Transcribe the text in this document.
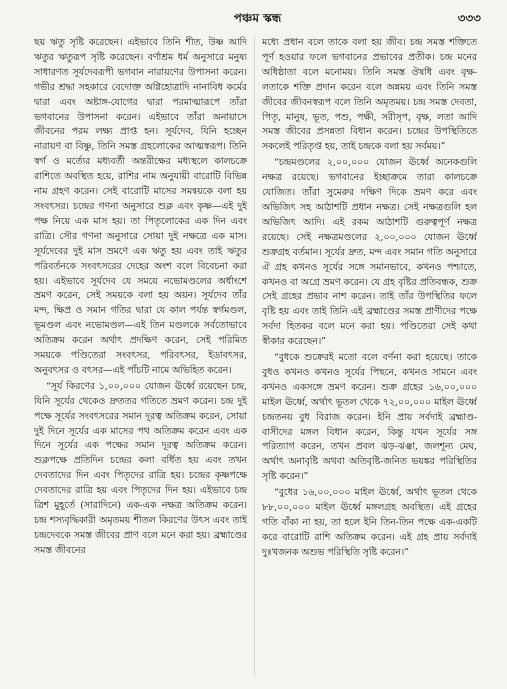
পঞ্চম স্কন্ধ	৩৩৩

ছয় ঋতু সৃষ্টি করেছেন। এইভাবে তিনি শীত, উষ্ণ আদি ঋতুর ঋতুরূপ সৃষ্টি করেছেন। বর্ণাশ্রম ধর্ম অনুসারে মনুষ্য সাধারণত সূর্যদেবরূপী ভগবান নারায়ণের উপাসনা করেন। গভীর শ্রদ্ধা সহকারে বেদোক্ত অগ্নিহোত্রাদি নানাবিধ কর্মের দ্বারা এবং অষ্টাঙ্গ-যোগের দ্বারা পরমাত্মারূপে তাঁরা ভগবানের উপাসনা করেন। এইভাবে তাঁরা অনায়াসে জীবনের পরম লক্ষ্য প্রাপ্ত হন। সূর্যদেব, যিনি হচ্ছেন নারায়ণ বা বিষ্ণু, তিনি সমস্ত গ্রহলোকের আত্মস্বরূপ। তিনি স্বর্গ ও মর্ত্যের মধ্যবর্তী অন্তরীক্ষের মধ্যস্থলে কালচক্রে রাশিতে অবস্থিত হয়ে, রাশির নাম অনুযায়ী বারোটি বিভিন্ন নাম গ্রহণ করেন। সেই বারোটি মাসের সমন্বয়কে বলা হয় সংবৎসর। চন্দ্রের গণনা অনুসারে শুক্ল এবং কৃষ্ণ—এই দুই পক্ষ নিয়ে এক মাস হয়। তা পিতৃলোকের এক দিন এবং রাত্রি। সৌর গণনা অনুসারে সোয়া দুই নক্ষত্রে এক মাস। সূর্যদেবের দুই মাস ভ্রমণে এক ঋতু হয় এবং তাই ঋতুর পরিবর্তনকে সংবৎসরের দেহের অংশ বলে বিবেচনা করা হয়। এইভাবে সূর্যদেব যে সময়ে নভোমণ্ডলের অর্ধাংশে ভ্রমণ করেন, সেই সময়কে বলা হয় অয়ন। সূর্যদেব তাঁর মন্দ, ক্ষিপ্র ও সমান গতির দ্বারা যে কাল পর্যন্ত স্বর্গমণ্ডল, ভূমণ্ডল এবং নভোমণ্ডল—এই তিন মণ্ডলকে সর্বতোভাবে অতিক্রম করেন অর্থাৎ প্রদক্ষিণ করেন, সেই পরিমিত সময়কে পণ্ডিতেরা সংবৎসর, পরিবৎসর, ইডাবৎসর, অনুবৎসর ও বৎসর—এই পাঁচটি নামে অভিহিত করেন।

“সূর্য কিরণের ১,০০,০০০ যোজন ঊর্ধ্বে রয়েছেন চন্দ্র, যিনি সূর্যের থেকেও দ্রুততর গতিতে ভ্রমণ করেন। চন্দ্র দুই পক্ষে সূর্যের সংবৎসরের সমান দূরত্ব অতিক্রম করেন, সোয়া দুই দিনে সূর্যের এক মাসের পথ অতিক্রম করেন এবং এক দিনে সূর্যের এক পক্ষের সমান দূরত্ব অতিক্রম করেন। শুক্লপক্ষে প্রতিদিন চন্দ্রের কলা বর্ধিত হয় এবং তখন দেবতাদের দিন এবং পিতৃদের রাত্রি হয়। চন্দ্রের কৃষ্ণপক্ষে দেবতাদের রাত্রি হয় এবং পিতৃদের দিন হয়। এইভাবে চন্দ্র ত্রিশ মুহূর্তে (সারাদিনে) এক-এক নক্ষত্র অতিক্রম করেন। চন্দ্র শস্যবৃদ্ধিকারী অমৃতময় শীতল কিরণের উৎস এবং তাই চন্দ্রদেবকে সমস্ত জীবের প্রাণ বলে মনে করা হয়। ব্রহ্মাণ্ডের সমস্ত জীবনের

মধ্যে প্রধান বলে তাকে বলা হয় জীব। চন্দ্র সমস্ত শক্তিতে পূর্ণ হওয়ার ফলে ভগবানের প্রভাবের প্রতীক। চন্দ্র মনের অধিষ্ঠাতা বলে মনোময়। তিনি সমস্ত ঔষধি এবং বৃক্ষ-লতাকে শক্তি প্রদান করেন বলে অন্নময় এবং তিনি সমস্ত জীবের জীবনস্বরূপ বলে তিনি অমৃতময়। চন্দ্র সমস্ত দেবতা, পিতৃ, মানুষ, ভূত, পশু, পক্ষী, সরীসৃপ, বৃক্ষ, লতা আদি সমস্ত জীবের প্রসন্নতা বিধান করেন। চন্দ্রের উপস্থিতিতে সকলেই পরিতৃপ্ত হয়, তাই চন্দ্রকে বলা হয় সর্বময়।”

“চন্দ্রমণ্ডলের ২,০০,০০০ যোজন ঊর্ধ্বে অনেকগুলি নক্ষত্র রয়েছে। ভগবানের ইচ্ছাক্রমে তারা কালচক্রে যোজিত। তাঁরা সুমেরুর দক্ষিণ দিকে ভ্রমণ করে এবং অভিজিৎ সহ আঠাশটি প্রধান নক্ষত্র। সেই নক্ষত্রগুলি হল অভিজিৎ আদি। এই রকম আঠাশটি গুরুত্বপূর্ণ নক্ষত্র রয়েছে। সেই নক্ষত্রমণ্ডলের ২,০০,০০০ যোজন ঊর্ধ্বে শুক্রগ্রহ বর্তমান। সূর্যের দ্রুত, মন্দ এবং সমান গতি অনুসারে ঐ গ্রহ কখনও সূর্যের সঙ্গে সমানভাবে, কখনও পশ্চাতে, কখনও বা অগ্রে ভ্রমণ করেন। যে গ্রহ বৃষ্টির প্রতিবন্ধক, শুক্র সেই গ্রহের প্রভাব নাশ করেন। তাই তাঁর উপস্থিতির ফলে বৃষ্টি হয় এবং তাই তিনি এই ব্রহ্মাণ্ডের সমস্ত প্রাণীদের পক্ষে সর্বদা হিতকর বলে মনে করা হয়। পণ্ডিতেরা সেই কথা স্বীকার করেছেন।”

“বুধকে শুক্রেরই মতো বলে বর্ণনা করা হয়েছে। তাকে বুধও কখনও কখনও সূর্যের পিছনে, কখনও সামনে এবং কখনও একসঙ্গে ভ্রমণ করেন। শুক্র গ্রহের ১৬,০০,০০০ মাইল ঊর্ধ্বে, অর্থাৎ ভূতল থেকে ৭২,০০,০০০ মাইল ঊর্ধ্বে চন্দ্রতনয় বুধ বিরাজ করেন। ইনি প্রায় সর্বদাই ব্রহ্মাণ্ড-বাসীদের মঙ্গল বিধান করেন, কিন্তু যখন সূর্যের সঙ্গ পরিত্যাগ করেন, তখন প্রবল ঝড়-ঝঞ্ঝা, জলশূন্য মেঘ, অর্থাৎ অনাবৃষ্টি অথবা অতিবৃষ্টি-জনিত ভয়ঙ্কর পরিস্থিতির সৃষ্টি করেন।”

“বুধের ১৬,০০,০০০ মাইল ঊর্ধ্বে, অর্থাৎ ভূতল থেকে ৮৮,০০,০০০ মাইল ঊর্ধ্বে মঙ্গলগ্রহ অবস্থিত। এই গ্রহের গতি বাঁকা না হয়, তা হলে ইনি তিন-তিন পক্ষে এক-একটি করে বারোটি রাশি অতিক্রম করেন। এই গ্রহ প্রায় সর্বদাই দুঃখজনক অশুভ পরিস্থিতি সৃষ্টি করেন।”
